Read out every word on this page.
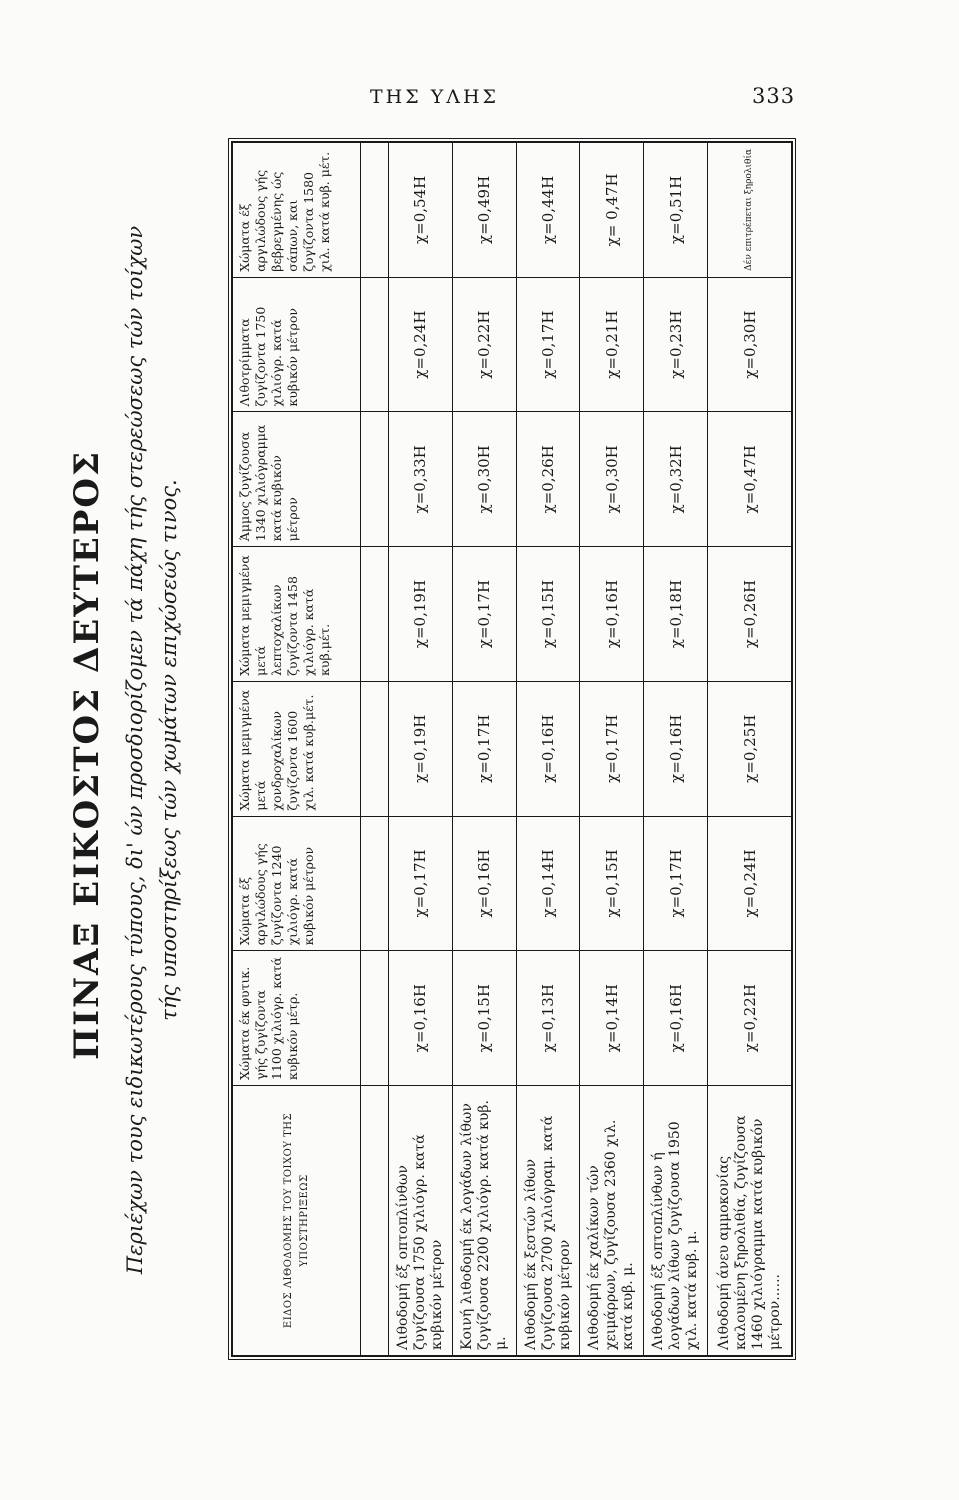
ΤΗΣ ΥΛΗΣ	333
ΠΙΝΑΞ ΕΙΚΟΣΤΟΣ ΔΕΥΤΕΡΟΣ Περιέχων τους ειδικωτέρους τύπους, δι' ών προσδιορίζομεν τά πάχη τής στερεώσεως τών τοίχων τής υποστηρίξεως τών χωμάτων επιχώσεώς τινος.
ΕΙΔΟΣ ΛΙΘΟΔΟΜΗΣ ΤΟΥ ΤΟΙΧΟΥ ΤΗΣ ΥΠΟΣΤΗΡΙΞΕΩΣ	Χώματα έκ φυτικ. γής ζυγίζοντα 1100 χιλιόγρ. κατά κυβικόν μέτρ.	Χώματα έξ αργιλώδους γής ζυγίζοντα 1240 χιλιόγρ. κατά κυβικόν μέτρον	Χώματα μεμιγμένα μετά χονδροχαλίκων ζυγίζοντα 1600 χιλ. κατά κυβ.μέτ.	Χώματα μεμιγμένα μετά λεπτοχαλίκων ζυγίζοντα 1458 χιλιόγρ. κατά κυβ.μέτ.	Άμμος ζυγίζουσα 1340 χιλιόγραμμα κατά κυβικόν μέτρον	Λιθοτρίμματα ζυγίζοντα 1750 χιλιόγρ. κατά κυβικόν μέτρον	Χώματα έξ αργιλώδους γής βεβρεγμένης ώς σάπων, και ζυγίζοντα 1580 χιλ. κατά κυβ. μέτ.

Λιθοδομή έξ οπτοπλίνθων ζυγίζουσα 1750 χιλιόγρ. κατά κυβικόν μέτρον	χ=0,16Η	χ=0,17Η	χ=0,19Η	χ=0,19Η	χ=0,33Η	χ=0,24Η	χ=0,54Η
Κοινή λιθοδομή έκ λογάδων λίθων ζυγίζουσα 2200 χιλιόγρ. κατά κυβ. μ.	χ=0,15Η	χ=0,16Η	χ=0,17Η	χ=0,17Η	χ=0,30Η	χ=0,22Η	χ=0,49Η
Λιθοδομή έκ ξεστών λίθων ζυγίζουσα 2700 χιλιόγραμ. κατά κυβικόν μέτρον	χ=0,13Η	χ=0,14Η	χ=0,16Η	χ=0,15Η	χ=0,26Η	χ=0,17Η	χ=0,44Η
Λιθοδομή έκ χαλίκων τών χειμάρρων, ζυγίζουσα 2360 χιλ. κατά κυβ. μ.	χ=0,14Η	χ=0,15Η	χ=0,17Η	χ=0,16Η	χ=0,30Η	χ=0,21Η	χ= 0,47Η
Λιθοδομή έξ οπτοπλίνθων ή λογάδων λίθων ζυγίζουσα 1950 χιλ. κατά κυβ. μ.	χ=0,16Η	χ=0,17Η	χ=0,16Η	χ=0,18Η	χ=0,32Η	χ=0,23Η	χ=0,51Η
Λιθοδομή άνευ αμμοκονίας καλουμένη ξηρολιθία, ζυγίζουσα 1460 χιλιόγραμμα κατά κυβικόν μέτρον......	χ=0,22Η	χ=0,24Η	χ=0,25Η	χ=0,26Η	χ=0,47Η	χ=0,30Η	Δέν επιτρέπεται ξηρολιθία
